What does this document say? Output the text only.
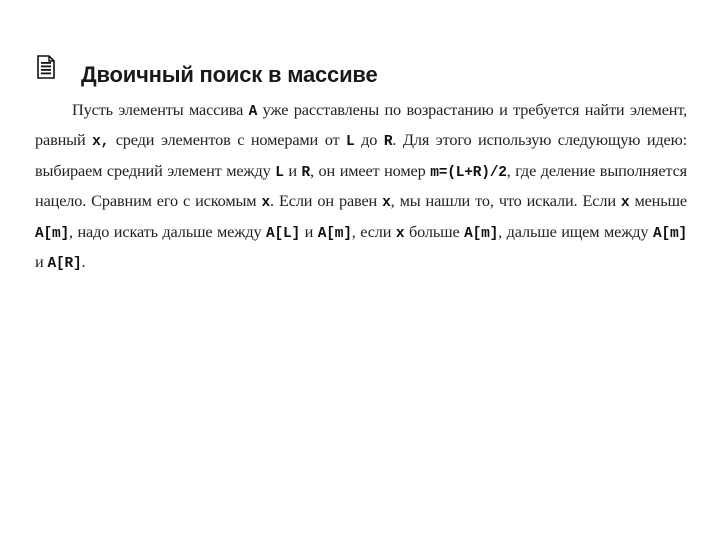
Двоичный поиск в массиве

Пусть элементы массива A уже расставлены по возрастанию и требуется найти элемент, равный x, среди элементов с номерами от L до R. Для этого использую следующую идею: выбираем средний элемент между L и R, он имеет номер m=(L+R)/2, где деление выполняется нацело. Сравним его с искомым x. Если он равен x, мы нашли то, что искали. Если x меньше A[m], надо искать дальше между A[L] и A[m], если x больше A[m], дальше ищем между A[m] и A[R].
